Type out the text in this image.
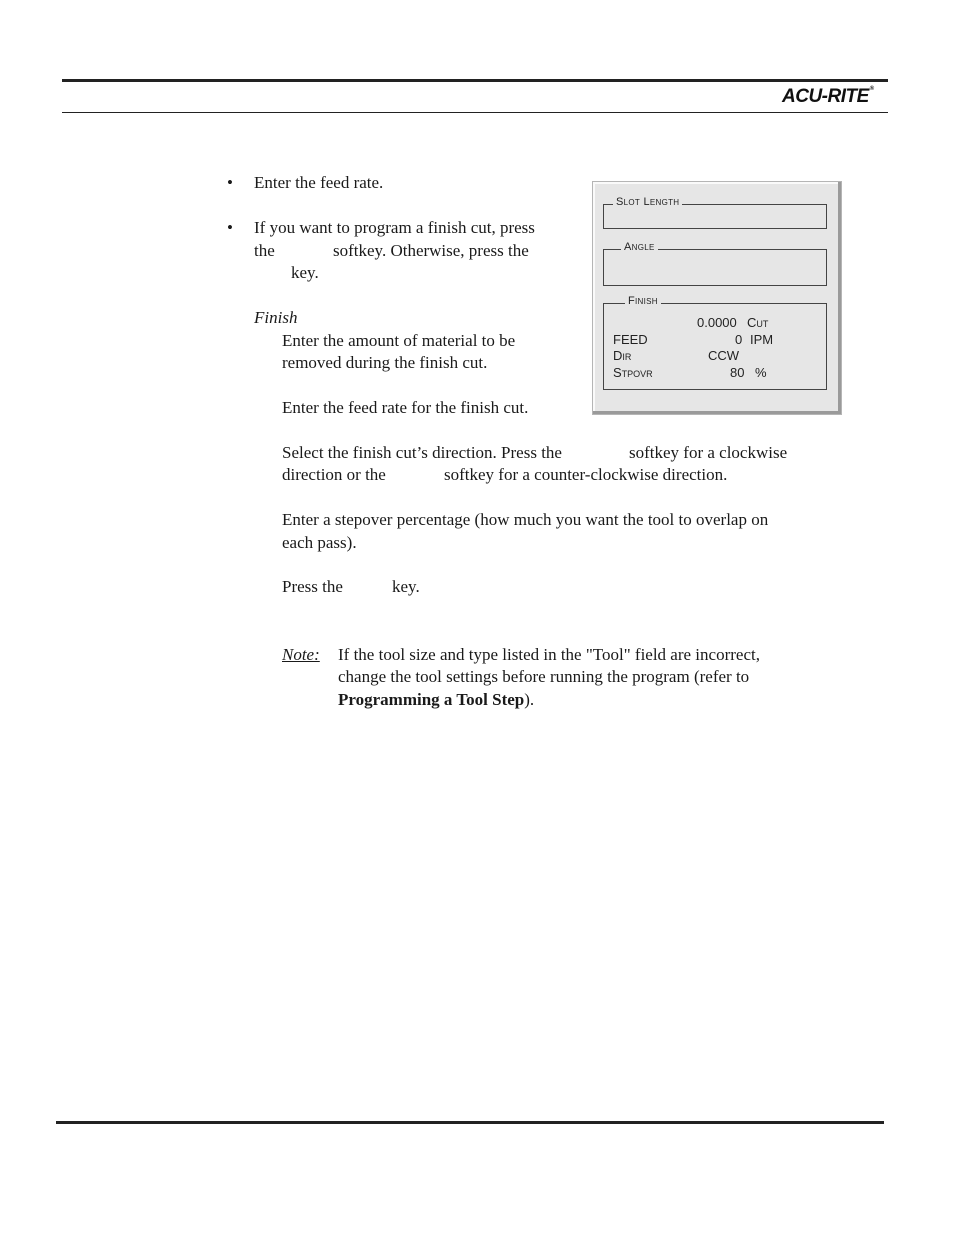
ACU-RITE®
• Enter the feed rate.
• If you want to program a finish cut, press
the	softkey. Otherwise, press the
key.
Finish
Enter the amount of material to be
removed during the finish cut.
Enter the feed rate for the finish cut.
Select the finish cut’s direction. Press the	softkey for a clockwise
direction or the	softkey for a counter-clockwise direction.
Enter a stepover percentage (how much you want the tool to overlap on
each pass).
Press the	key.
Note: If the tool size and type listed in the "Tool" field are incorrect,
change the tool settings before running the program (refer to
Programming a Tool Step).
Slot Length
Angle
Finish
0.0000 Cut
FEED	0 IPM
Dir	CCW
Stpovr	80 %
